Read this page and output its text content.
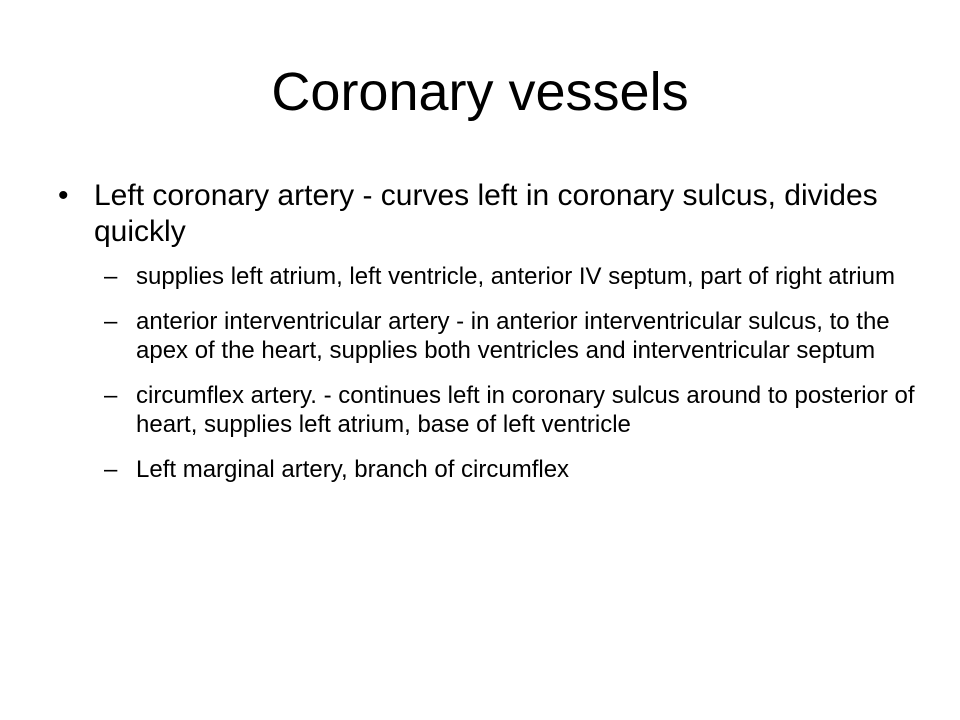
Coronary vessels
• Left coronary artery - curves left in coronary sulcus, divides quickly
– supplies left atrium, left ventricle, anterior IV septum, part of right atrium
– anterior interventricular artery - in anterior interventricular sulcus, to the apex of the heart, supplies both ventricles and interventricular septum
– circumflex artery. - continues left in coronary sulcus around to posterior of heart, supplies left atrium, base of left ventricle
– Left marginal artery, branch of circumflex
